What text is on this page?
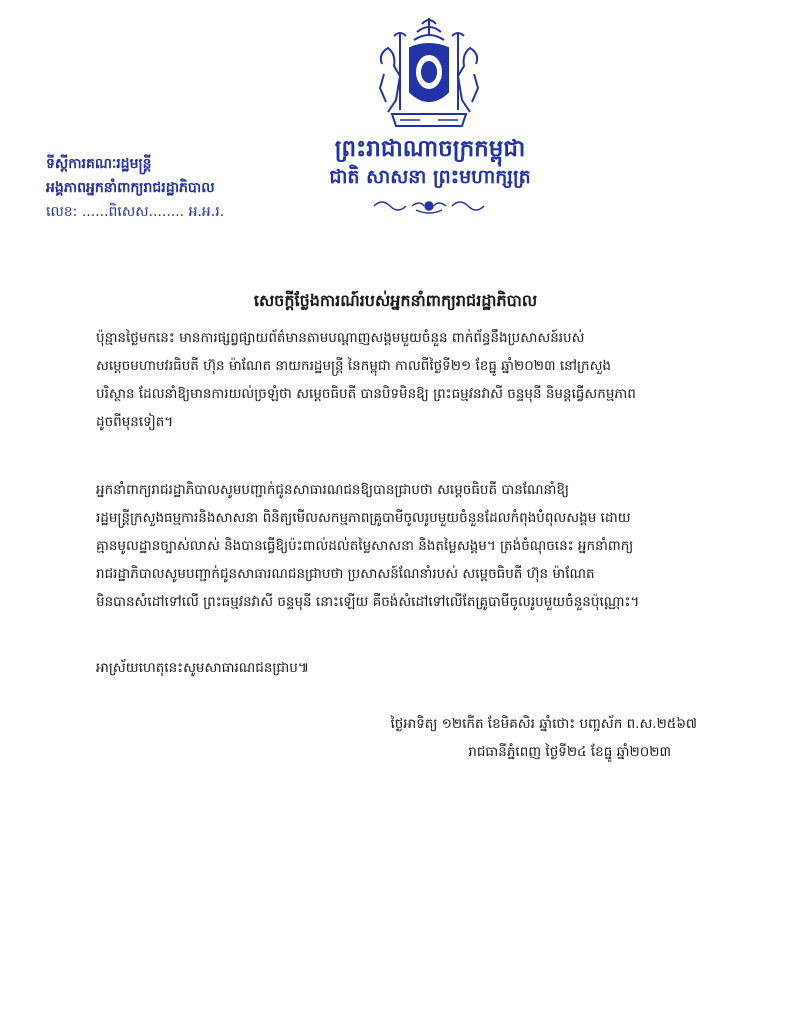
ព្រះរាជាណាចក្រកម្ពុជា
ជាតិ សាសនា ព្រះមហាក្សត្រ
ទីស្តីការគណៈរដ្ឋមន្ត្រី
អង្គភាពអ្នកនាំពាក្យរាជរដ្ឋាភិបាល
លេខ: ......ពិសេស........ អ.អ.រ.
សេចក្តីថ្លែងការណ៍របស់អ្នកនាំពាក្យរាជរដ្ឋាភិបាល
ប៉ុន្មានថ្ងៃមកនេះ មានការផ្សព្វផ្សាយព័ត៌មានតាមបណ្តាញសង្គមមួយចំនួន ពាក់ព័ន្ធនឹងប្រសាសន៍របស់
សម្តេចមហាបវរធិបតី ហ៊ុន ម៉ាណែត នាយករដ្ឋមន្ត្រី នៃកម្ពុជា កាលពីថ្ងៃទី២១ ខែធ្នូ ឆ្នាំ២០២៣ នៅក្រសួង
បរិស្ថាន ដែលនាំឱ្យមានការយល់ច្រឡំថា សម្តេចធិបតី បានបិទមិនឱ្យ ព្រះធម្មវនវាសី ចន្ទមុនី និមន្តធ្វើសកម្មភាព
ដូចពីមុនទៀត។
អ្នកនាំពាក្យរាជរដ្ឋាភិបាលសូមបញ្ជាក់ជូនសាធារណជនឱ្យបានជ្រាបថា សម្តេចធិបតី បានណែនាំឱ្យ
រដ្ឋមន្ត្រីក្រសួងធម្មការនិងសាសនា ពិនិត្យមើលសកម្មភាពគ្រូបាមីចូលរូបមួយចំនួនដែលកំពុងបំពុលសង្គម ដោយ
គ្មានមូលដ្ឋានច្បាស់លាស់ និងបានធ្វើឱ្យប៉ះពាល់ដល់តម្លៃសាសនា និងតម្លៃសង្គម។ ត្រង់ចំណុចនេះ អ្នកនាំពាក្យ
រាជរដ្ឋាភិបាលសូមបញ្ជាក់ជូនសាធារណជនជ្រាបថា ប្រសាសន៍ណែនាំរបស់ សម្តេចធិបតី ហ៊ុន ម៉ាណែត
មិនបានសំដៅទៅលើ ព្រះធម្មវនវាសី ចន្ទមុនី នោះឡើយ គឺចង់សំដៅទៅលើតែគ្រូបាមីចូលរូបមួយចំនួនប៉ុណ្ណោះ។
អាស្រ័យហេតុនេះសូមសាធារណជនជ្រាប៕
ថ្ងៃអាទិត្យ ១២កើត ខែមិគសិរ ឆ្នាំថោះ បញ្ចស័ក ព.ស.២៥៦៧
រាជធានីភ្នំពេញ ថ្ងៃទី២៤ ខែធ្នូ ឆ្នាំ២០២៣
